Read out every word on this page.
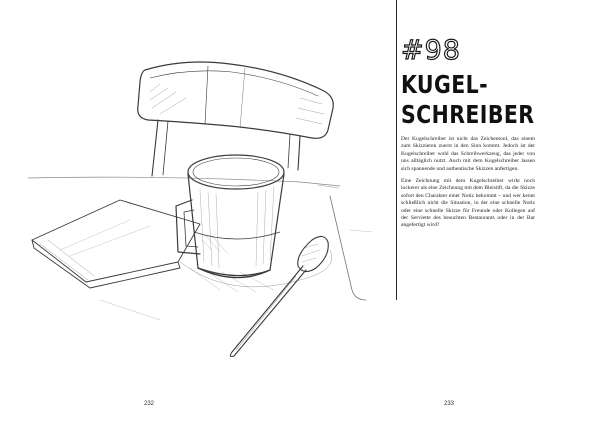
#98
KUGEL-
SCHREIBER

Der Kugelschreiber ist nicht das Zeichentool, das einem zum Skizzieren zuerst in den Sinn kommt. Jedoch ist der Kugelschreiber wohl das Schreibwerkzeug, das jeder von uns alltäglich nutzt. Auch mit dem Kugelschreiber lassen sich spannende und authentische Skizzen anfertigen.

Eine Zeichnung mit dem Kugelschreiber wirkt noch lockerer als eine Zeichnung mit dem Bleistift, da die Skizze sofort den Charakter einer Notiz bekommt – und wer kennt schließlich nicht die Situation, in der eine schnelle Notiz oder eine schnelle Skizze für Freunde oder Kollegen auf der Serviette des besuchten Restaurants oder in der Bar angefertigt wird?

232	233
